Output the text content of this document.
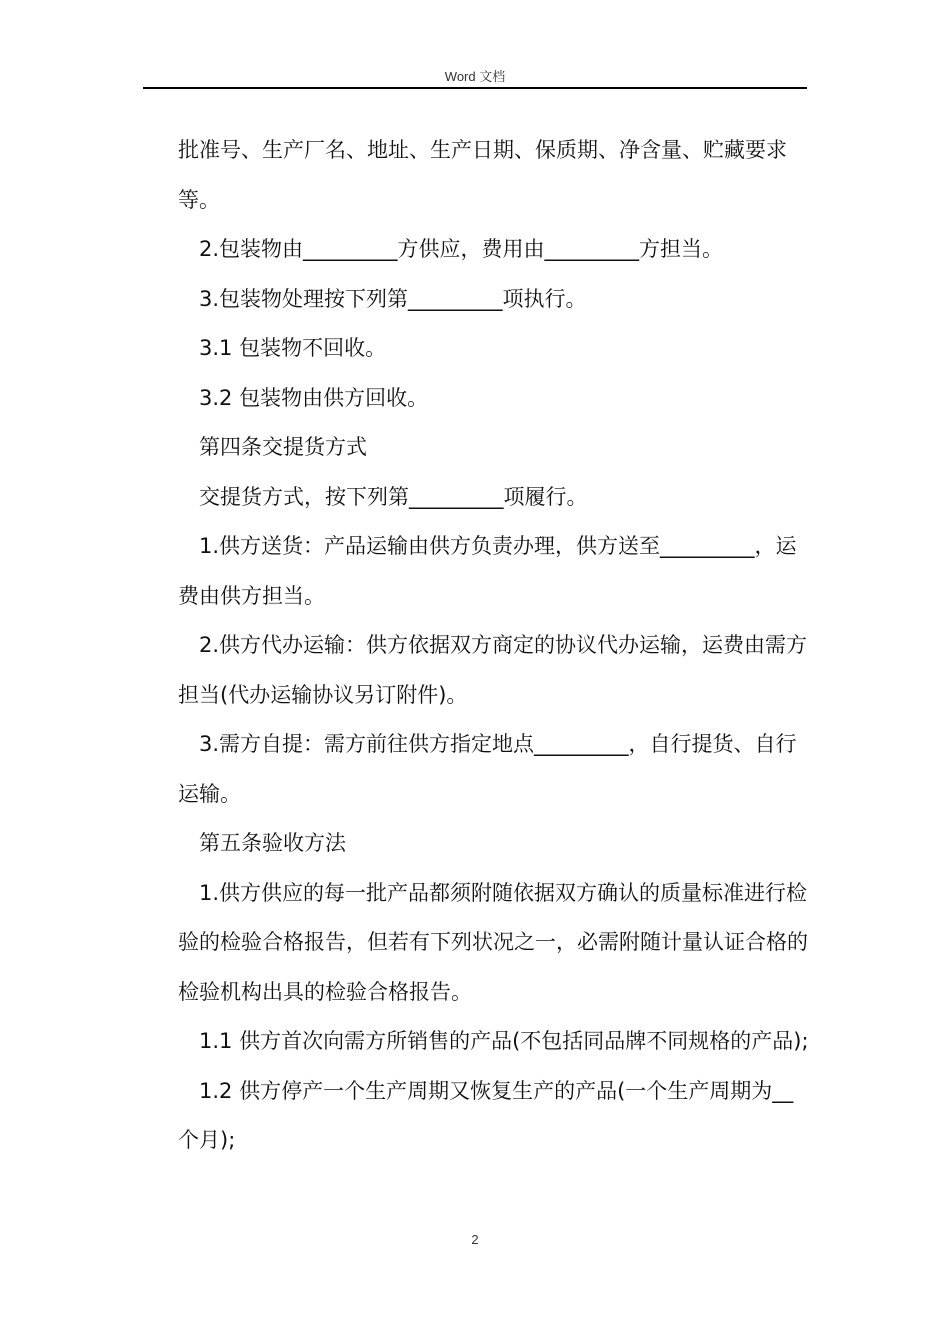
Word 文档

批准号、生产厂名、地址、生产日期、保质期、净含量、贮藏要求等。

2.包装物由_________方供应，费用由_________方担当。

3.包装物处理按下列第_________项执行。

3.1 包装物不回收。

3.2 包装物由供方回收。

第四条交提货方式

交提货方式，按下列第_________项履行。

1.供方送货：产品运输由供方负责办理，供方送至_________，运费由供方担当。

2.供方代办运输：供方依据双方商定的协议代办运输，运费由需方担当(代办运输协议另订附件)。

3.需方自提：需方前往供方指定地点_________，自行提货、自行运输。

第五条验收方法

1.供方供应的每一批产品都须附随依据双方确认的质量标准进行检验的检验合格报告，但若有下列状况之一，必需附随计量认证合格的检验机构出具的检验合格报告。

1.1 供方首次向需方所销售的产品(不包括同品牌不同规格的产品);

1.2 供方停产一个生产周期又恢复生产的产品(一个生产周期为__个月);

2
